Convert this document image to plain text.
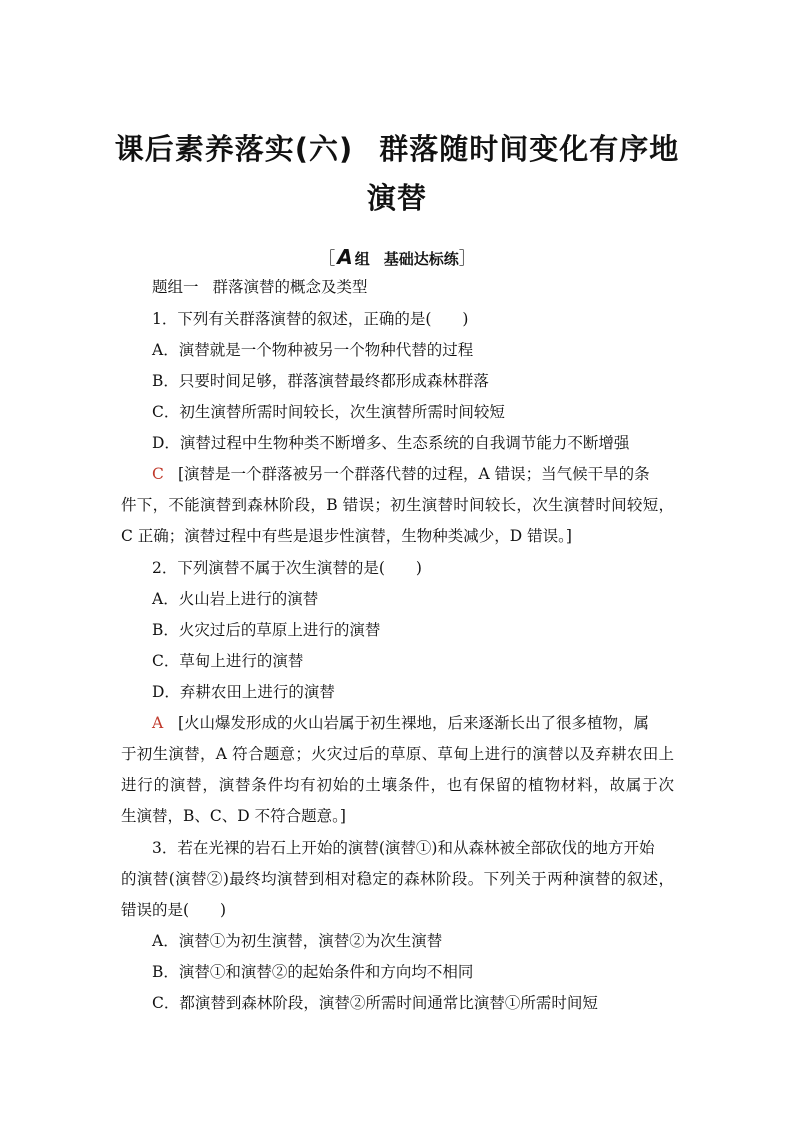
课后素养落实(六) 群落随时间变化有序地
演替
［ A 组 基础达标练］
题组一 群落演替的概念及类型
1．下列有关群落演替的叙述，正确的是(　　)
A．演替就是一个物种被另一个物种代替的过程
B．只要时间足够，群落演替最终都形成森林群落
C．初生演替所需时间较长，次生演替所需时间较短
D．演替过程中生物种类不断增多、生态系统的自我调节能力不断增强
C [演替是一个群落被另一个群落代替的过程，A 错误；当气候干旱的条
件下，不能演替到森林阶段，B 错误；初生演替时间较长，次生演替时间较短，
C 正确；演替过程中有些是退步性演替，生物种类减少，D 错误。]
2．下列演替不属于次生演替的是(　　)
A．火山岩上进行的演替
B．火灾过后的草原上进行的演替
C．草甸上进行的演替
D．弃耕农田上进行的演替
A [火山爆发形成的火山岩属于初生裸地，后来逐渐长出了很多植物，属
于初生演替，A 符合题意；火灾过后的草原、草甸上进行的演替以及弃耕农田上
进行的演替，演替条件均有初始的土壤条件，也有保留的植物材料，故属于次
生演替，B、C、D 不符合题意。]
3．若在光裸的岩石上开始的演替(演替①)和从森林被全部砍伐的地方开始
的演替(演替②)最终均演替到相对稳定的森林阶段。下列关于两种演替的叙述，
错误的是(　　)
A．演替①为初生演替，演替②为次生演替
B．演替①和演替②的起始条件和方向均不相同
C．都演替到森林阶段，演替②所需时间通常比演替①所需时间短
